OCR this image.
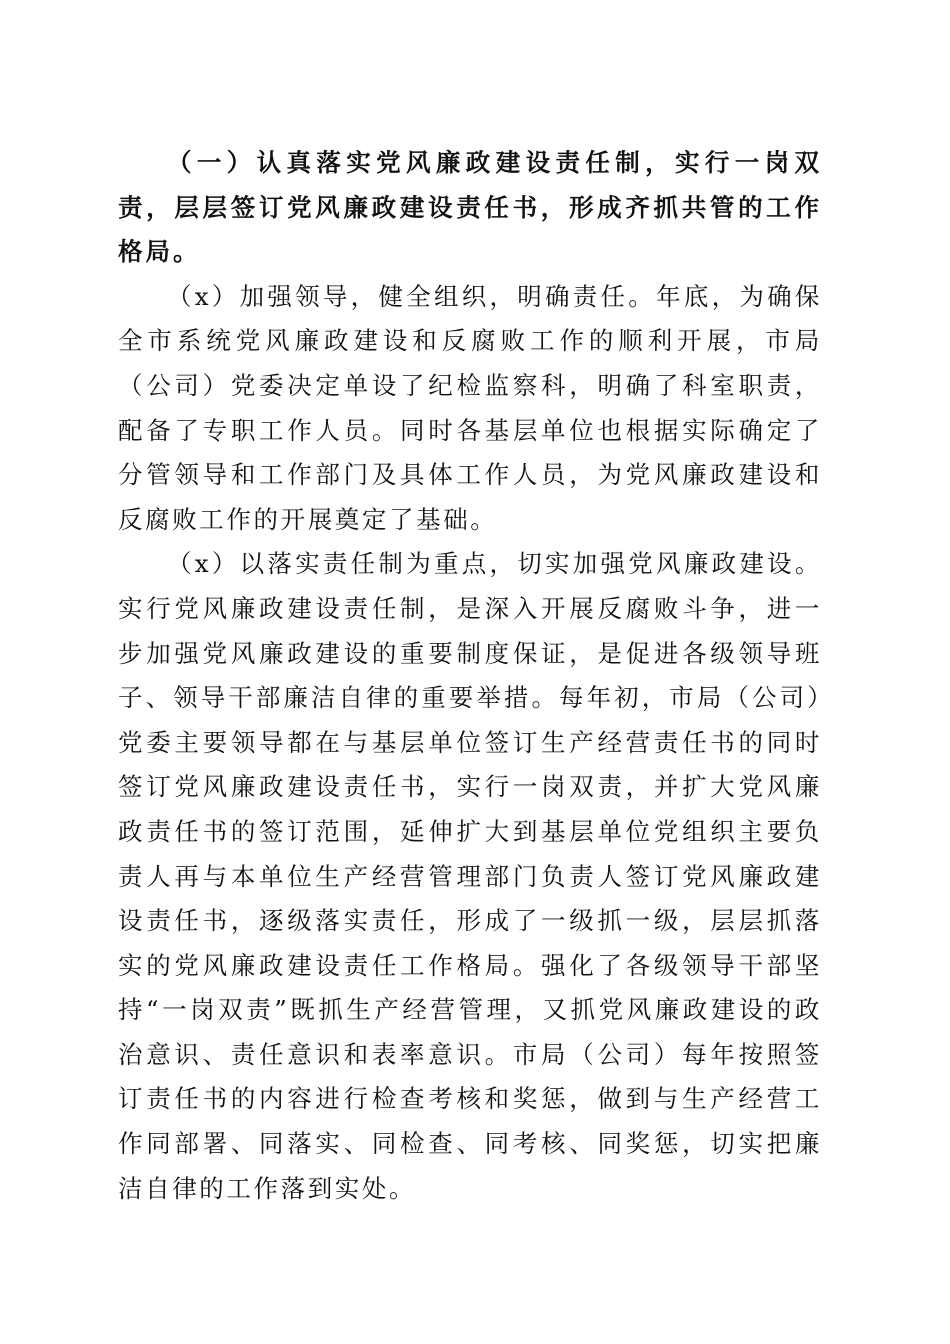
（一）认真落实党风廉政建设责任制，实行一岗双责，层层签订党风廉政建设责任书，形成齐抓共管的工作格局。

（x）加强领导，健全组织，明确责任。年底，为确保全市系统党风廉政建设和反腐败工作的顺利开展，市局（公司）党委决定单设了纪检监察科，明确了科室职责，配备了专职工作人员。同时各基层单位也根据实际确定了分管领导和工作部门及具体工作人员，为党风廉政建设和反腐败工作的开展奠定了基础。

（x）以落实责任制为重点，切实加强党风廉政建设。实行党风廉政建设责任制，是深入开展反腐败斗争，进一步加强党风廉政建设的重要制度保证，是促进各级领导班子、领导干部廉洁自律的重要举措。每年初，市局（公司）党委主要领导都在与基层单位签订生产经营责任书的同时签订党风廉政建设责任书，实行一岗双责，并扩大党风廉政责任书的签订范围，延伸扩大到基层单位党组织主要负责人再与本单位生产经营管理部门负责人签订党风廉政建设责任书，逐级落实责任，形成了一级抓一级，层层抓落实的党风廉政建设责任工作格局。强化了各级领导干部坚持“一岗双责”既抓生产经营管理，又抓党风廉政建设的政治意识、责任意识和表率意识。市局（公司）每年按照签订责任书的内容进行检查考核和奖惩，做到与生产经营工作同部署、同落实、同检查、同考核、同奖惩，切实把廉洁自律的工作落到实处。
